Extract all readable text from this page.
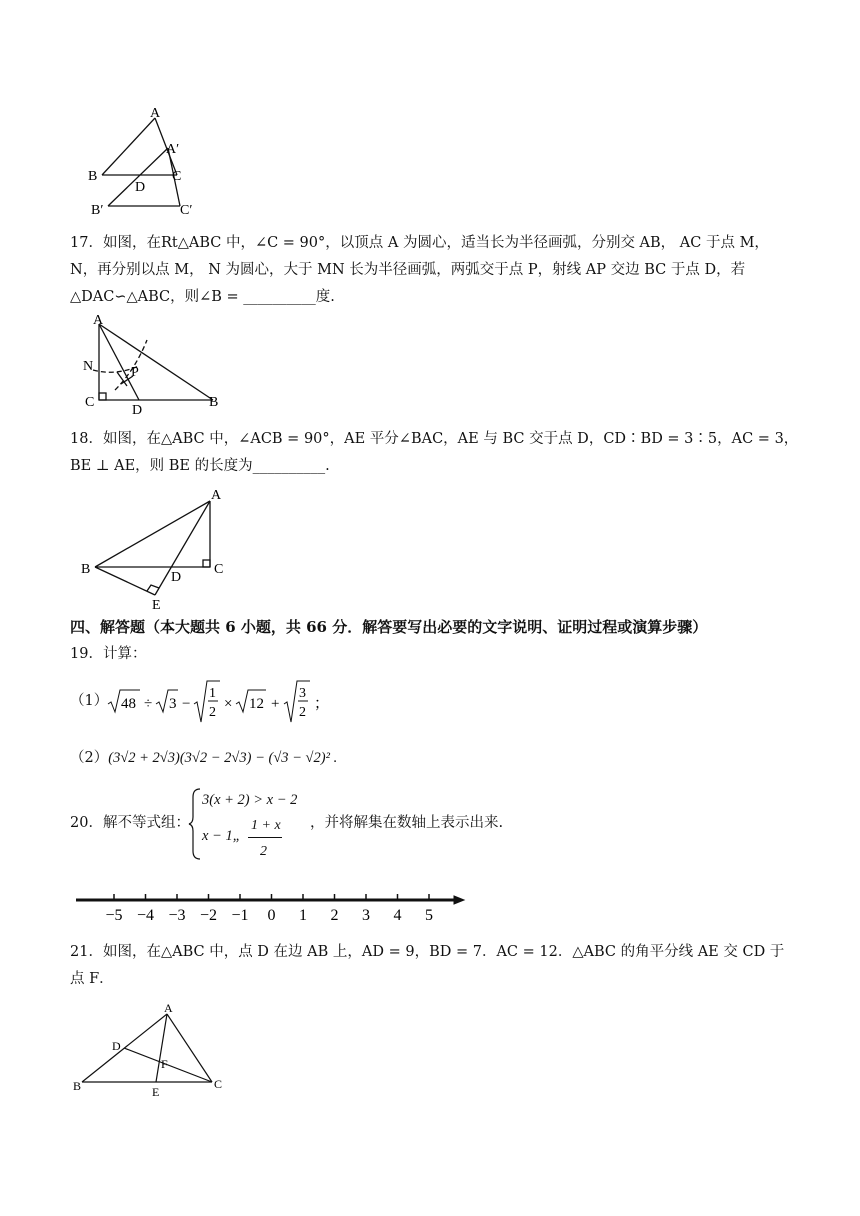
A
A′
B
D
C
B′	C′
17．如图，在Rt△ABC 中，∠C = 90°，以顶点 A 为圆心，适当长为半径画弧，分别交 AB， AC 于点 M，
N，再分别以点 M， N 为圆心，大于 MN 长为半径画弧，两弧交于点 P，射线 AP 交边 BC 于点 D，若
△DAC∽△ABC，则∠B = __________度.
A
N	P
C
D
B
18．如图，在△ABC 中，∠ACB = 90°，AE 平分∠BAC，AE 与 BC 交于点 D，CD∶BD = 3∶5，AC = 3，
BE ⊥ AE，则 BE 的长度为__________.
A
B	C
D
E
四、解答题（本大题共 6 小题，共 66 分．解答要写出必要的文字说明、证明过程或演算步骤）
19．计算：
（1） 48 ÷ 3 −
1
2
× 12 +
3
2
；
（2）(3√2 + 2√3)(3√2 − 2√3) − (√3 − √2)² .
20．解不等式组：
3(x + 2) > x − 2
x − 1„
1 + x
2
，并将解集在数轴上表示出来.
−5 −4 −3 −2 −1 0 1 2 3 4 5
21．如图，在△ABC 中，点 D 在边 AB 上，AD = 9，BD = 7．AC = 12．△ABC 的角平分线 AE 交 CD 于
点 F．
A
D
F
B	E
C
